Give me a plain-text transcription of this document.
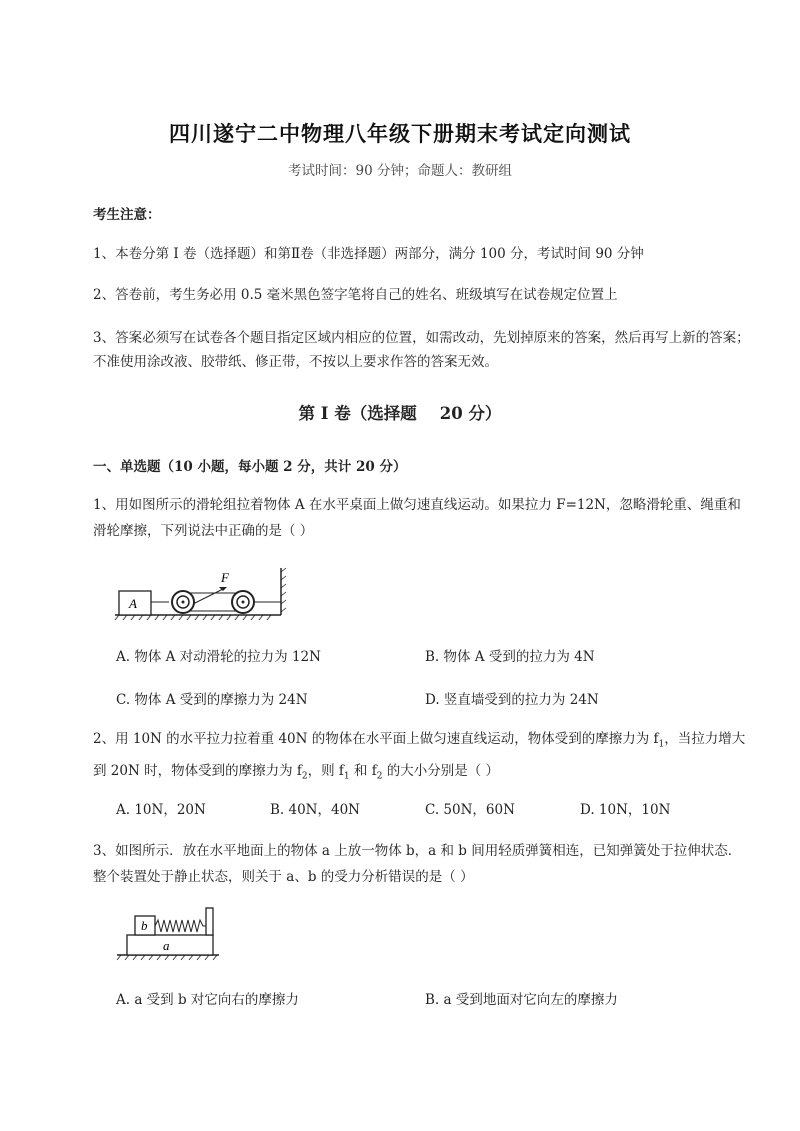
四川遂宁二中物理八年级下册期末考试定向测试
考试时间：90 分钟；命题人：教研组
考生注意：
1、本卷分第 I 卷（选择题）和第Ⅱ卷（非选择题）两部分，满分 100 分，考试时间 90 分钟
2、答卷前，考生务必用 0.5 毫米黑色签字笔将自己的姓名、班级填写在试卷规定位置上
3、答案必须写在试卷各个题目指定区域内相应的位置，如需改动，先划掉原来的答案，然后再写上新的答案；不准使用涂改液、胶带纸、修正带，不按以上要求作答的答案无效。
第 I 卷（选择题    20 分）
一、单选题（10 小题，每小题 2 分，共计 20 分）
1、用如图所示的滑轮组拉着物体 A 在水平桌面上做匀速直线运动。如果拉力 F=12N，忽略滑轮重、绳重和滑轮摩擦，下列说法中正确的是（ ）
A
F
A. 物体 A 对动滑轮的拉力为 12N	B. 物体 A 受到的拉力为 4N
C. 物体 A 受到的摩擦力为 24N	D. 竖直墙受到的拉力为 24N
2、用 10N 的水平拉力拉着重 40N 的物体在水平面上做匀速直线运动，物体受到的摩擦力为 $f_1$，当拉力增大到 20N 时，物体受到的摩擦力为 $f_2$，则 $f_1$ 和 $f_2$ 的大小分别是（ ）
A. 10N，20N	B. 40N，40N	C. 50N，60N	D. 10N，10N
3、如图所示．放在水平地面上的物体 a 上放一物体 b，a 和 b 间用轻质弹簧相连，已知弹簧处于拉伸状态．整个装置处于静止状态，则关于 a、b 的受力分析错误的是（ ）
a
b
A. a 受到 b 对它向右的摩擦力	B. a 受到地面对它向左的摩擦力
